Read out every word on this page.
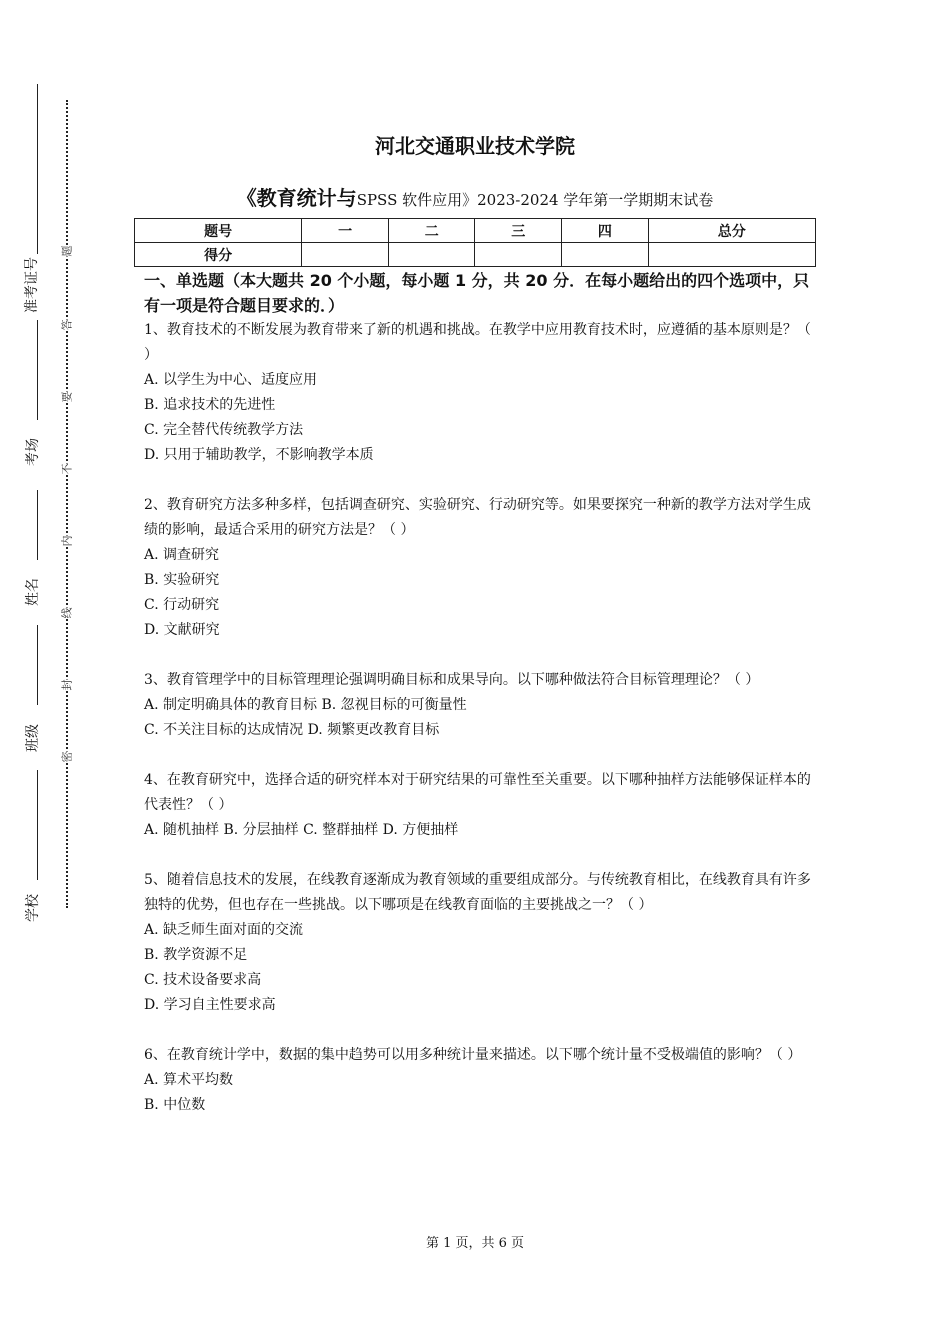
准考证号
考场
姓名
班级
学校
题
答
要
不
内
线
封
密
河北交通职业技术学院
《教育统计与SPSS 软件应用》2023-2024 学年第一学期期末试卷
题号	一	二	三	四	总分
得分					

一、单选题（本大题共 20 个小题，每小题 1 分，共 20 分．在每小题给出的四个选项中，只有一项是符合题目要求的．）

1、教育技术的不断发展为教育带来了新的机遇和挑战。在教学中应用教育技术时，应遵循的基本原则是？（ ）

A. 以学生为中心、适度应用

B. 追求技术的先进性

C. 完全替代传统教学方法

D. 只用于辅助教学，不影响教学本质

2、教育研究方法多种多样，包括调查研究、实验研究、行动研究等。如果要探究一种新的教学方法对学生成绩的影响，最适合采用的研究方法是？（ ）

A. 调查研究

B. 实验研究

C. 行动研究

D. 文献研究

3、教育管理学中的目标管理理论强调明确目标和成果导向。以下哪种做法符合目标管理理论？（ ）

A. 制定明确具体的教育目标 B. 忽视目标的可衡量性

C. 不关注目标的达成情况 D. 频繁更改教育目标

4、在教育研究中，选择合适的研究样本对于研究结果的可靠性至关重要。以下哪种抽样方法能够保证样本的代表性？（ ）

A. 随机抽样 B. 分层抽样 C. 整群抽样 D. 方便抽样

5、随着信息技术的发展，在线教育逐渐成为教育领域的重要组成部分。与传统教育相比，在线教育具有许多独特的优势，但也存在一些挑战。以下哪项是在线教育面临的主要挑战之一？（ ）

A. 缺乏师生面对面的交流

B. 教学资源不足

C. 技术设备要求高

D. 学习自主性要求高

6、在教育统计学中，数据的集中趋势可以用多种统计量来描述。以下哪个统计量不受极端值的影响？（ ）

A. 算术平均数

B. 中位数

第 1 页，共 6 页
